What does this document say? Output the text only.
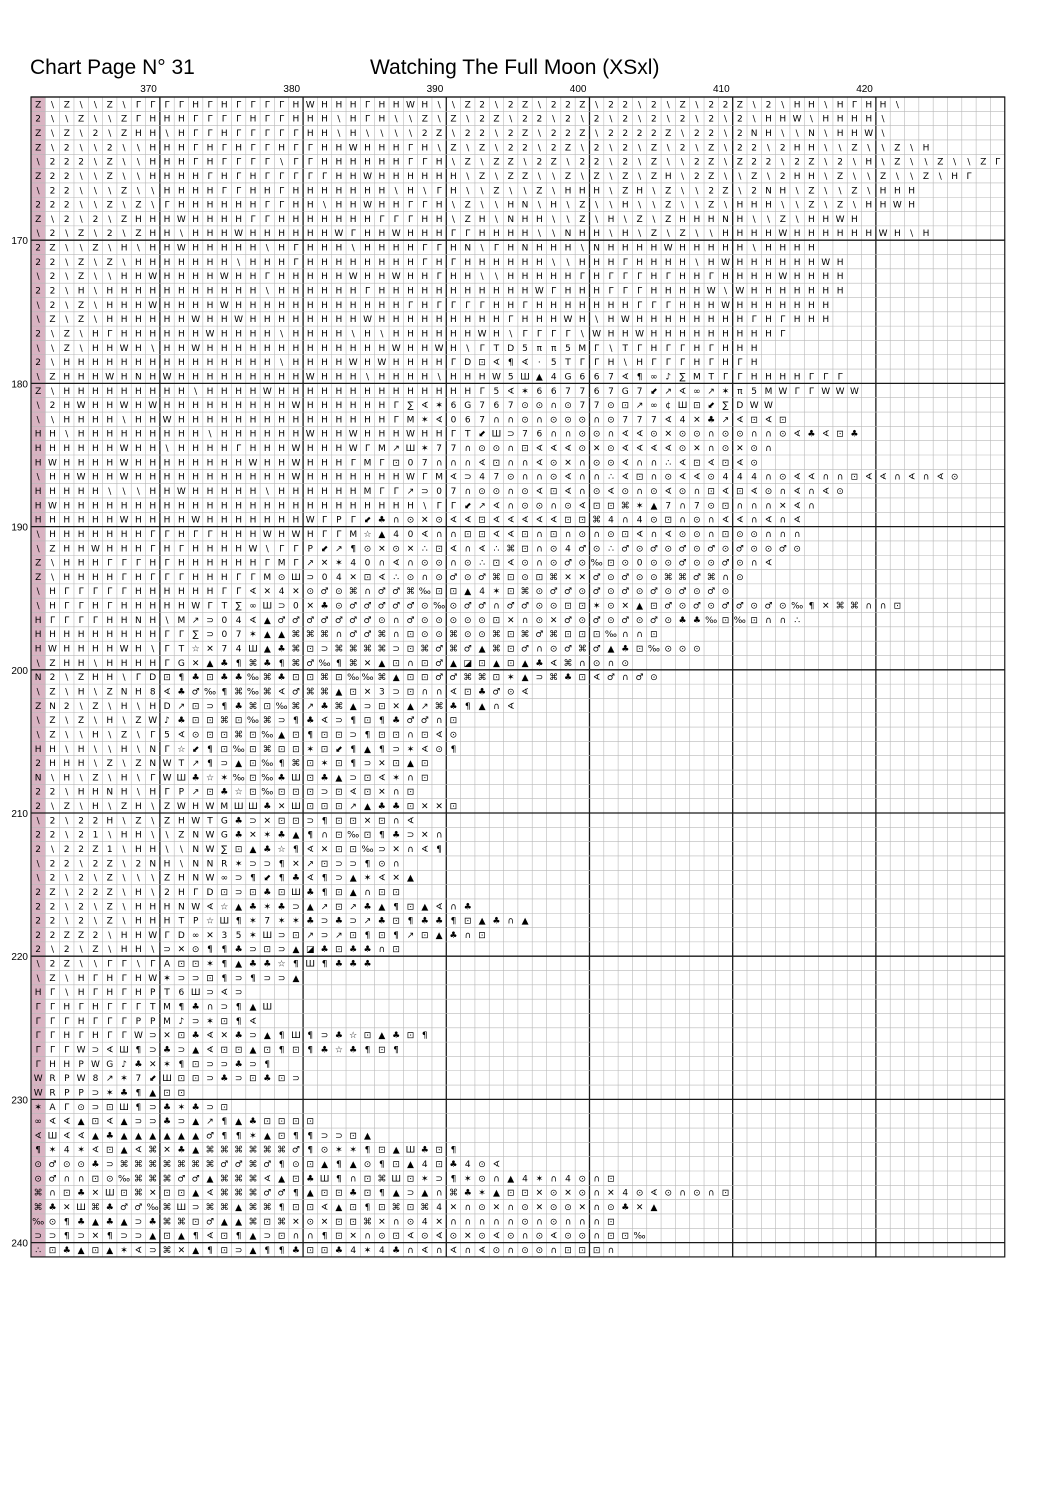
Chart Page N° 31	Watching The Full Moon (XSxl)
370	380	390	400	410	420
170
180
190
200
210
220
230
240
Z \ Z \ \ Z \ Γ Γ Γ Γ H Γ H Γ Γ Γ Γ H W H H H Γ H H W H \ \ Z 2 \ 2 Z \ 2 2 Z \ 2 2 \ 2 \ Z \ 2 2 Z \ 2 \ H H \ H Γ H H \
2 \ \ Z \ \ Z Γ H H H Γ Γ Γ Γ H Γ Γ H H H \ H Γ H \ \ Z \ Z \ 2 Z \ 2 2 \ 2 \ 2 \ 2 \ 2 \ 2 \ 2 \ 2 \ H H W \ H H H H \
Z \ Z \ 2 \ Z H H \ H Γ Γ H Γ Γ Γ Γ Γ H H \ H \ \ \ \ 2 Z \ 2 2 \ 2 Z \ 2 2 Z \ 2 2 2 2 Z \ 2 2 \ 2 N H \ \ N \ H H W \
Z \ 2 \ \ 2 \ \ H H H Γ H Γ H Γ Γ H Γ Γ H H W H H H Γ H \ Z \ Z \ 2 2 \ 2 Z \ 2 \ 2 \ Z \ 2 \ Z \ 2 2 \ 2 H H \ \ Z \ \ Z \ H
\ 2 2 2 \ Z \ \ H H H Γ H Γ Γ Γ Γ \ Γ Γ H H H H H H Γ Γ H \ Z \ Z Z \ 2 Z \ 2 2 \ 2 \ Z \ \ 2 Z \ Z 2 2 \ 2 Z \ 2 \ H \ Z \ \ Z \ \ Z Γ
Z 2 2 \ \ Z \ \ H H H H Γ H Γ H Γ Γ Γ Γ Γ H H W H H H H H H \ Z \ Z Z \ \ Z \ Z \ Z \ Z H \ 2 Z \ \ Z \ 2 H H \ Z \ \ Z \ \ Z \ H Γ
\ 2 2 \ \ \ Z \ \ H H H H Γ Γ H H Γ H H H H H H H \ H \ Γ H \ \ Z \ \ Z \ H H H \ Z H \ Z \ \ 2 Z \ 2 N H \ Z \ \ Z \ H H H
2 2 2 \ \ Z \ Z \ Γ H H H H H H Γ Γ H H \ H H W H H Γ Γ H \ Z \ \ H N \ H \ Z \ \ H \ \ Z \ \ Z \ H H H \ \ Z \ Z \ H H W H
Z \ 2 \ 2 \ Z H H H W H H H H Γ Γ H H H H H H H Γ Γ Γ H H \ Z H \ N H H \ \ Z \ H \ Z \ Z H H H N H \ \ Z \ H H W H
\ 2 \ Z \ 2 \ Z H H \ H H H W H H H H H H W Γ H H W H H H Γ Γ H H H H \ \ N H H \ H \ Z \ Z \ \ H H H H W H H H H H H W H \ H
2 Z \ \ Z \ H \ H H W H H H H H \ H Γ H H H \ H H H H Γ Γ H N \ Γ H N H H H \ N H H H H W H H H H H \ H H H H
2 2 \ Z \ Z \ H H H H H H H \ H H H Γ H H H H H H H H Γ H Γ H H H H H H \ \ H H H Γ H H H H \ H W H H H H H H W H
\ 2 \ Z \ \ H H W H H H H W H H Γ H H H H H W H H W H H Γ H H \ \ H H H H H Γ H Γ Γ Γ H Γ H H Γ H H H H W H H H H
2 2 \ H \ H H H H H H H H H H H \ H H H H H H Γ H H H H H H H H H H H W Γ H H H Γ Γ Γ H H H H W \ W H H H H H H H
\ 2 \ Z \ H H H W H H H H W H H H H H H H H H H H H Γ H Γ Γ Γ Γ H H Γ H H H H H H H Γ Γ Γ H H H W H H H H H H H
\ Z \ Z \ H H H H H H W H H W H H H H H H H H W H H H H H H H H H Γ H H H W H \ H W H H H H H H H H Γ H Γ H H H
2 \ Z \ H Γ H H H H H H W H H H H \ H H H H \ H \ H H H H H H W H \ Γ Γ Γ Γ \ W H H W H H H H H H H H H Γ
\ \ Z \ H H W H \ H H W H H H H H H H H H H H H H W H H W H \ Γ T D 5 π π 5 M Γ \ T Γ H Γ Γ H Γ H H H
2 \ H H H H H H H H H H H H H H H \ H H H H W H W H H H H Γ D ⊡ ∢ ¶ ∢ · 5 T Γ Γ H \ H Γ Γ Γ H Γ H Γ H
\ Z H H H W H N H W H H H H H H H H H W H H H \ H H H H \ H H H W 5 Ш ▲ 4 G 6 6 7 ∢ ¶ ∞ ♪ ∑ M T Γ Γ H H H H Γ Γ Γ
Z \ H H H H H H H H H \ H H H H W H H H H H H H H H H H H H H Γ 5 ∢ ✶ 6 6 7 7 6 7 G 7 ⬋ ↗ ∢ ∞ ↗ ✶ π 5 M W Γ Γ W W W
\ 2 H W H H W H W H H H H H H H H H W H H H H H H Γ ∑ ∢ ✶ 6 G 7 6 7 ⊙ ⊙ ∩ ⊙ 7 7 ⊙ ⊡ ↗ ∞ ¢ Ш ⊡ ⬋ ∑ D W W
\ \ H H H H \ H H W H H H H H H H H H H H H H H H Γ M ✶ ∢ 0 6 7 ∩ ∩ ⊙ ∩ ⊙ ⊙ ⊙ ∩ ⊙ 7 7 7 ∢ 4 ✕ ♣ ↗ ∢ ⊡ ∢ ⊡
H H \ H H H H H H H H H \ H H H H H H W H H W H H H W H H Γ T ⬋ Ш ⊃ 7 6 ∩ ∩ ⊙ ⊙ ∩ ∢ ∢ ⊙ ✕ ⊙ ⊙ ∩ ⊙ ⊙ ∩ ∩ ⊙ ∢ ♣ ∢ ⊡ ♣
H H H H H H W H H \ H H H H Γ H H H W H H H W Γ M ↗ Ш ✶ 7 7 ∩ ⊙ ⊙ ∩ ⊡ ∢ ∢ ∢ ⊙ ✕ ⊙ ∢ ∢ ∢ ∢ ⊙ ✕ ∩ ⊙ ✕ ⊙ ∩
H W H H H H W H H H H H H H H W H H W H H H Γ M Γ ⊡ 0 7 ∩ ∩ ∩ ∢ ⊡ ∩ ∩ ∢ ⊙ ✕ ∩ ⊙ ⊙ ∢ ∩ ∩ ∴ ∢ ⊡ ∢ ⊡ ∢ ⊙
\ H H W H H W H H H H H H H H H H H W H H H H H H H W Γ M ∢ ⊃ 4 7 ⊙ ∩ ∩ ⊙ ∢ ∩ ∩ ∴ ∢ ⊡ ∩ ⊙ ∢ ∢ ⊙ 4 4 4 ∩ ⊙ ∢ ∢ ∩ ∩ ⊡ ∢ ∢ ∩ ∢ ∩ ∢ ⊙
H H H H H \ \ \ H H W H H H H H \ H H H H H H M Γ Γ ↗ ⊃ 0 7 ∩ ⊙ ⊙ ∩ ⊙ ∢ ⊡ ∢ ∩ ⊙ ∢ ⊙ ∩ ⊙ ∢ ⊙ ∩ ⊡ ∢ ⊡ ∢ ⊙ ∩ ∢ ∩ ∢ ⊙
H W H H H H H H H H H H H H H H H H H H H H H H H H H \ Γ Γ ⬋ ↗ ∢ ∩ ⊙ ⊙ ∩ ⊙ ∢ ⊡ ⊡ ⌘ ✶ ▲ 7 ∩ 7 ⊙ ⊡ ∩ ∩ ∩ ✕ ∢ ∩
H H H H H H W H H H H W H H H H H H H W Γ P Γ ⬋ ♣ ∩ ⊙ ✕ ⊙ ∢ ∢ ⊡ ∢ ∢ ∢ ∢ ∢ ⊡ ⊡ ⌘ 4 ∩ 4 ⊙ ⊡ ∩ ⊙ ∩ ∢ ∢ ∩ ∢ ∩ ∢
\ H H H H H H H Γ Γ H Γ Γ H H H W H W H Γ Γ M ☆ ▲ 4 0 ∢ ∩ ∩ ⊡ ⊡ ∢ ∢ ⊡ ∩ ⊡ ∩ ⊙ ∩ ⊙ ⊡ ∢ ∩ ∢ ⊙ ⊙ ∩ ⊡ ⊙ ⊙ ∩ ∩ ∩
\ Z H H W H H H Γ H Γ H H H H W \ Γ Γ P ⬋ ↗ ¶ ⊙ ✕ ⊙ ✕ ∴ ⊡ ∢ ∩ ∢ ∴ ⌘ ⊡ ∩ ⊙ 4 ♂ ⊙ ∴ ♂ ⊙ ♂ ⊙ ♂ ⊙ ♂ ⊙ ♂ ⊙ ⊙ ♂ ⊙
Z \ H H H Γ Γ Γ H Γ H H H H H H Γ M Γ ↗ ✕ ✶ 4 0 ∩ ∢ ∩ ⊙ ⊙ ∩ ⊙ ∴ ⊡ ∢ ⊙ ∩ ⊙ ♂ ⊙ ‰ ⊡ ⊙ 0 ⊙ ⊙ ♂ ⊙ ⊙ ♂ ⊙ ∩ ∢
Z \ H H H H Γ H Γ Γ Γ H H H Γ Γ M ⊙ Ш ⊃ 0 4 ✕ ⊡ ∢ ∴ ⊙ ∩ ⊙ ♂ ⊙ ♂ ⌘ ⊡ ⊙ ⊡ ⌘ ✕ ✕ ♂ ⊙ ♂ ⊙ ⊙ ⌘ ⌘ ♂ ⌘ ∩ ⊙
\ H Γ Γ Γ Γ Γ H H H H H H Γ Γ ∢ ✕ 4 ✕ ⊙ ♂ ⊙ ⌘ ∩ ♂ ♂ ⌘ ‰ ⊡ ⊡ ▲ 4 ✶ ⊡ ⌘ ⊙ ♂ ♂ ⊙ ♂ ⊙ ♂ ⊙ ♂ ⊙ ♂ ⊙ ♂ ⊙
\ H Γ Γ H Γ H H H H H W Γ T ∑ ∞ Ш ⊃ 0 ✕ ♣ ⊙ ♂ ♂ ♂ ♂ ♂ ⊙ ‰ ⊙ ♂ ♂ ∩ ♂ ♂ ⊙ ⊙ ⊡ ⊡ ✶ ⊙ ✕ ▲ ⊡ ♂ ⊙ ♂ ⊙ ♂ ♂ ⊙ ♂ ⊙ ‰ ¶ ✕ ⌘ ⌘ ∩ ∩ ⊡
H Γ Γ Γ Γ H H N H \ M ↗ ⊃ 0 4 ∢ ▲ ♂ ♂ ♂ ♂ ♂ ♂ ♂ ⊙ ∩ ♂ ⊙ ⊙ ⊙ ⊙ ⊙ ⊡ ✕ ∩ ⊙ ✕ ♂ ⊙ ♂ ⊙ ♂ ⊙ ♂ ⊙ ♣ ♣ ‰ ⊡ ‰ ⊡ ∩ ∩ ∴
H H H H H H H H H Γ Γ ∑ ⊃ 0 7 ✶ ▲ ▲ ⌘ ⌘ ⌘ ∩ ♂ ♂ ⌘ ∩ ⊡ ⊙ ⊙ ⌘ ⊙ ⊙ ⌘ ⊡ ⌘ ♂ ⌘ ⊡ ⊡ ⊡ ‰ ∩ ∩ ⊡
H W H H H H W H \ Γ T ☆ ✕ 7 4 Ш ▲ ♣ ⌘ ⊡ ⊃ ⌘ ⌘ ⌘ ⌘ ⊃ ⊡ ⌘ ♂ ⌘ ♂ ▲ ⌘ ⊡ ♂ ∩ ⊙ ♂ ⌘ ♂ ▲ ♣ ⊡ ‰ ⊙ ⊙ ⊙
\ Z H H \ H H H H Γ G ✕ ▲ ♣ ¶ ⌘ ♣ ¶ ⌘ ♂ ‰ ¶ ⌘ ✕ ▲ ⊡ ∩ ⊡ ♂ ▲ ◪ ⊡ ▲ ⊡ ▲ ♣ ∢ ⌘ ∩ ⊙ ∩ ⊙
N 2 \ Z H H \ Γ D ⊡ ¶ ♣ ⊡ ♣ ♣ ‰ ⌘ ♣ ⊡ ⊡ ⌘ ⊡ ‰ ‰ ⌘ ▲ ⊡ ⊡ ♂ ♂ ⌘ ⌘ ⊡ ✶ ▲ ⊃ ⌘ ♣ ⊡ ∢ ♂ ∩ ♂ ⊙
\ Z \ H \ Z N H 8 ∢ ♣ ♂ ‰ ¶ ⌘ ‰ ⌘ ∢ ♂ ⌘ ⌘ ▲ ⊡ ✕ 3 ⊃ ⊡ ∩ ∩ ∢ ⊡ ♣ ♂ ⊙ ∢
Z N 2 \ Z \ H \ H D ↗ ⊡ ⊃ ¶ ♣ ⌘ ⊡ ‰ ⌘ ↗ ♣ ⌘ ▲ ⊃ ⊡ ✕ ▲ ↗ ⌘ ♣ ¶ ▲ ∩ ∢
\ Z \ Z \ H \ Z W ♪ ♣ ⊡ ⊡ ⌘ ⊡ ‰ ⌘ ⊃ ¶ ♣ ∢ ⊃ ¶ ⊡ ¶ ♣ ♂ ♂ ∩ ⊡
\ Z \ \ H \ Z \ Γ 5 ∢ ⊙ ⊡ ⊡ ⌘ ⊡ ‰ ▲ ⊡ ¶ ⊡ ⊡ ⊃ ¶ ⊡ ⊡ ∩ ⊡ ∢ ⊙
H H \ H \ \ H \ N Γ ☆ ⬋ ¶ ⊡ ‰ ⊡ ⌘ ⊡ ⊡ ✶ ⊡ ⬋ ¶ ▲ ¶ ⊃ ✶ ∢ ⊙ ¶
2 H H H \ Z \ Z N W T ↗ ¶ ⊃ ▲ ⊡ ‰ ¶ ⌘ ⊡ ✶ ⊡ ¶ ⊃ ✕ ⊡ ▲ ⊡
N \ H \ Z \ H \ Γ W Ш ♣ ☆ ✶ ‰ ⊡ ‰ ♣ Ш ⊡ ♣ ▲ ⊃ ⊡ ∢ ✶ ∩ ⊡
2 2 \ H H N H \ H Γ P ↗ ⊡ ♣ ☆ ⊡ ‰ ⊡ ⊡ ⊡ ⊃ ⊡ ∢ ⊡ ✕ ∩ ⊡
2 \ Z \ H \ Z H \ Z W H W M Ш Ш ♣ ✕ Ш ⊡ ⊡ ⊡ ↗ ▲ ♣ ♣ ⊡ ✕ ✕ ⊡
\ 2 \ 2 2 H \ Z \ Z H W T G ♣ ⊃ ✕ ⊡ ⊡ ⊃ ¶ ⊡ ⊡ ✕ ⊡ ∩ ∢
2 2 \ 2 1 \ H H \ \ Z N W G ♣ ✕ ✶ ♣ ▲ ¶ ∩ ⊡ ‰ ⊡ ¶ ♣ ⊃ ✕ ∩
2 \ 2 2 Z 1 \ H H \ \ N W ∑ ⊡ ▲ ♣ ☆ ¶ ∢ ✕ ⊡ ⊡ ‰ ⊃ ✕ ∩ ∢ ¶
\ 2 2 \ 2 Z \ 2 N H \ N N R ✶ ⊃ ⊃ ¶ ✕ ↗ ⊡ ⊃ ⊃ ¶ ⊙ ∩
\ 2 \ 2 \ Z \ \ \ Z H N W ∞ ⊃ ¶ ⬋ ¶ ♣ ∢ ¶ ⊃ ▲ ✶ ∢ ✕ ▲
2 Z \ 2 2 Z \ H \ 2 H Γ D ⊡ ⊃ ⊡ ♣ ⊡ Ш ♣ ¶ ⊡ ▲ ∩ ⊡ ⊡
2 2 \ 2 \ Z \ H H H N W ∢ ☆ ▲ ♣ ✶ ♣ ⊃ ▲ ↗ ⊡ ↗ ♣ ▲ ¶ ⊡ ▲ ∢ ∩ ♣
2 2 \ 2 \ Z \ H H H T P ☆ Ш ¶ ✶ 7 ✶ ✶ ♣ ⊃ ♣ ⊃ ↗ ♣ ⊡ ¶ ♣ ♣ ¶ ⊡ ▲ ♣ ∩ ▲
2 2 Z Z 2 \ H H W Γ D ∞ ✕ 3 5 ✶ Ш ⊃ ⊡ ↗ ⊃ ↗ ⊡ ¶ ⊡ ¶ ↗ ⊡ ▲ ♣ ∩ ⊡
2 \ 2 \ Z \ H H \ ⊃ ✕ ⊙ ¶ ¶ ♣ ⊃ ⊡ ⊃ ▲ ◪ ♣ ⊡ ♣ ♣ ∩ ⊡
\ 2 Z \ \ Γ Γ \ Γ A ⊡ ⊡ ✶ ¶ ▲ ♣ ♣ ☆ ¶ Ш ¶ ♣ ♣ ♣
\ Z \ H Γ H Γ H W ✶ ⊃ ⊃ ⊡ ¶ ⊃ ¶ ⊃ ⊃ ▲
H Γ \ H Γ H Γ H P T 6 Ш ⊃ ∢ ⊃
Γ Γ H Γ H Γ Γ Γ T M ¶ ♣ ∩ ⊃ ¶ ▲ Ш
Γ Γ Γ H Γ Γ Γ P P M ♪ ⊃ ✶ ⊡ ¶ ∢
Γ Γ H Γ H Γ Γ W ⊃ ✕ ⊡ ♣ ∢ ✕ ♣ ⊃ ▲ ¶ Ш ¶ ⊃ ♣ ☆ ⊡ ▲ ♣ ⊡ ¶
Γ Γ Γ W ⊃ ∢ Ш ¶ ⊃ ♣ ⊃ ▲ ∢ ⊡ ⊡ ▲ ⊡ ¶ ⊡ ¶ ♣ ☆ ♣ ¶ ⊡ ¶
Γ H H P W G ♪ ♣ ✕ ✶ ¶ ⊡ ⊃ ⊃ ♣ ⊃ ¶
W R P W 8 ↗ ✶ 7 ⬋ Ш ⊡ ⊡ ⊃ ♣ ⊃ ⊡ ♣ ⊡ ⊃
W R P P ⊃ ✶ ♣ ¶ ▲ ⊡ ⊡
✶ A Γ ⊙ ⊃ ⊡ Ш ¶ ⊃ ♣ ✶ ♣ ⊃ ⊡
∞ ∢ ∢ ▲ ⊡ ∢ ▲ ⊃ ⊃ ♣ ⊃ ▲ ↗ ¶ ▲ ♣ ⊡ ⊡ ⊡ ⊡
∢ Ш ∢ ∢ ▲ ♣ ▲ ▲ ▲ ▲ ▲ ▲ ♂ ¶ ¶ ✶ ▲ ⊡ ¶ ¶ ⊃ ⊃ ⊡ ▲
¶ ✶ 4 ✶ ∢ ⊡ ▲ ∢ ⌘ ✕ ♣ ▲ ⌘ ⌘ ⌘ ⌘ ⌘ ⌘ ♂ ¶ ⊙ ✶ ✶ ¶ ⊡ ▲ Ш ♣ ⊡ ¶
⊙ ♂ ⊙ ⊙ ♣ ⊃ ⌘ ⌘ ⌘ ⌘ ⌘ ⌘ ⌘ ♂ ♂ ⌘ ♂ ¶ ⊙ ⊡ ▲ ¶ ▲ ⊙ ¶ ⊡ ▲ 4 ⊡ ♣ 4 ⊙ ∢
⊙ ♂ ∩ ∩ ⊡ ⊙ ‰ ⌘ ⌘ ⌘ ♂ ♂ ▲ ⌘ ⌘ ⌘ ∢ ▲ ⊡ ♣ Ш ¶ ∩ ⊡ ⌘ Ш ⊡ ✶ ⊃ ¶ ✶ ⊙ ∩ ▲ 4 ✶ ∩ 4 ⊙ ∩ ⊡
⌘ ∩ ⊡ ♣ ✕ Ш ⊡ ⌘ ✕ ⊡ ⊡ ▲ ∢ ⌘ ⌘ ⌘ ♂ ♂ ¶ ▲ ⊡ ⊡ ♣ ⊡ ¶ ▲ ⊃ ▲ ∩ ⌘ ♣ ✶ ▲ ⊡ ⊡ ✕ ⊙ ✕ ⊙ ∩ ✕ 4 ⊙ ∢ ⊙ ∩ ⊙ ∩ ⊡
⌘ ♣ ✕ Ш ⌘ ♣ ♂ ♂ ‰ ⌘ Ш ⊃ ⌘ ⌘ ▲ ⌘ ⌘ ¶ ⊡ ⊡ ∢ ▲ ⊡ ¶ ⊡ ⌘ ⊡ ⌘ 4 ✕ ∩ ⊙ ✕ ∩ ⊙ ✕ ⊙ ⊙ ✕ ∩ ⊙ ♣ ✕ ▲
‰ ⊙ ¶ ♣ ▲ ♣ ▲ ⊃ ♣ ⌘ ⌘ ⊡ ♂ ▲ ▲ ⌘ ⊡ ⌘ ✕ ⊙ ✕ ⊡ ⊡ ⌘ ✕ ∩ ⊙ 4 ✕ ∩ ∩ ∩ ∩ ∩ ⊙ ∩ ⊙ ∩ ∩ ∩ ⊡
⊃ ⊃ ¶ ⊃ ✕ ¶ ⊃ ⊃ ▲ ⊡ ▲ ¶ ∢ ⊡ ¶ ▲ ⊃ ⊡ ∩ ∩ ¶ ⊡ ✕ ∩ ⊙ ⊡ ∢ ⊙ ∢ ⊙ ✕ ⊙ ∢ ⊙ ∩ ⊙ ∢ ⊙ ⊙ ∩ ⊡ ⊡ ‰
∴ ⊡ ♣ ▲ ⊡ ▲ ✶ ∢ ⊃ ⌘ ✕ ▲ ¶ ⊡ ⊃ ▲ ¶ ¶ ♣ ⊡ ⊡ ♣ 4 ✶ 4 ♣ ∩ ∢ ∩ ∢ ∩ ∢ ⊙ ∩ ⊙ ⊙ ∩ ⊡ ⊡ ⊡ ∩
